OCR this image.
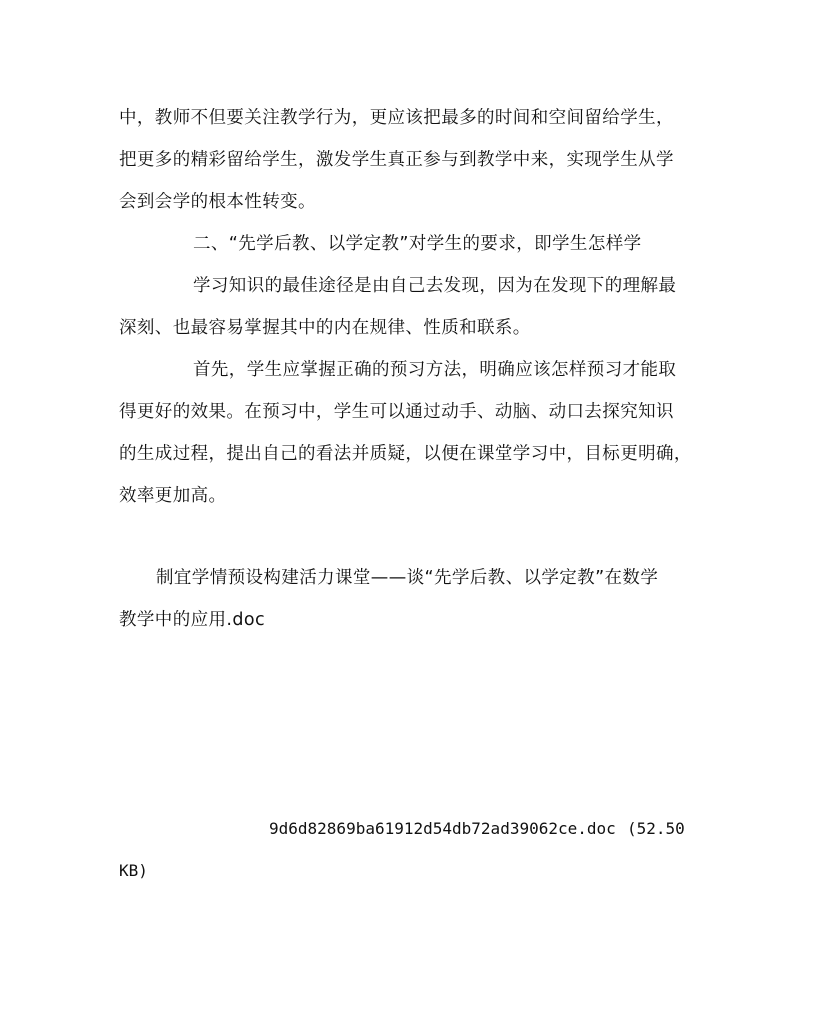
中，教师不但要关注教学行为，更应该把最多的时间和空间留给学生，
把更多的精彩留给学生，激发学生真正参与到教学中来，实现学生从学
会到会学的根本性转变。
二、“先学后教、以学定教”对学生的要求，即学生怎样学
学习知识的最佳途径是由自己去发现，因为在发现下的理解最
深刻、也最容易掌握其中的内在规律、性质和联系。
首先，学生应掌握正确的预习方法，明确应该怎样预习才能取
得更好的效果。在预习中，学生可以通过动手、动脑、动口去探究知识
的生成过程，提出自己的看法并质疑，以便在课堂学习中，目标更明确，
效率更加高。
制宜学情预设构建活力课堂——谈“先学后教、以学定教”在数学
教学中的应用.doc
9d6d82869ba61912d54db72ad39062ce.doc (52.50
KB)
